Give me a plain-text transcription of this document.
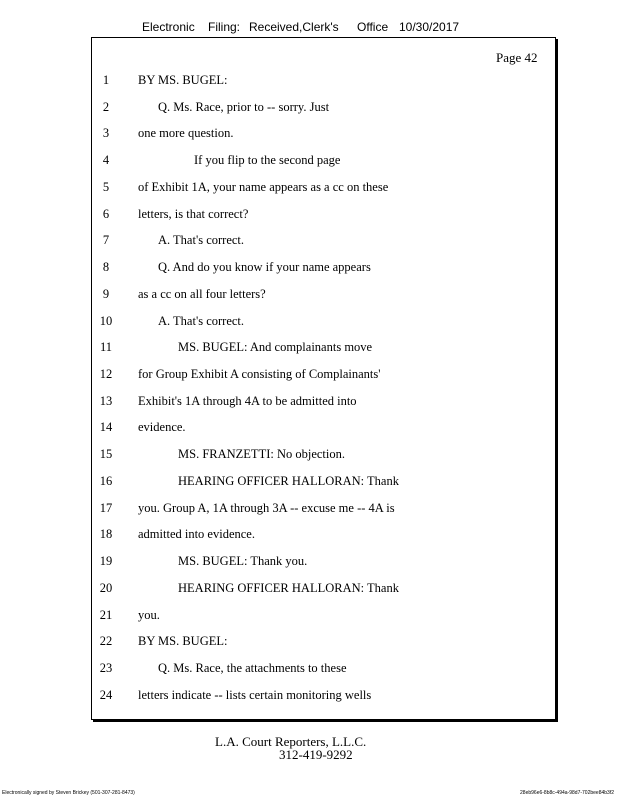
Electronic Filing: Received,Clerk's Office 10/30/2017
Page 42
1	BY MS. BUGEL:
2	Q. Ms. Race, prior to -- sorry. Just
3	one more question.
4	If you flip to the second page
5	of Exhibit 1A, your name appears as a cc on these
6	letters, is that correct?
7	A. That's correct.
8	Q. And do you know if your name appears
9	as a cc on all four letters?
10	A. That's correct.
11	MS. BUGEL: And complainants move
12	for Group Exhibit A consisting of Complainants'
13	Exhibit's 1A through 4A to be admitted into
14	evidence.
15	MS. FRANZETTI: No objection.
16	HEARING OFFICER HALLORAN: Thank
17	you. Group A, 1A through 3A -- excuse me -- 4A is
18	admitted into evidence.
19	MS. BUGEL: Thank you.
20	HEARING OFFICER HALLORAN: Thank
21	you.
22	BY MS. BUGEL:
23	Q. Ms. Race, the attachments to these
24	letters indicate -- lists certain monitoring wells
L.A. Court Reporters, L.L.C.
312-419-9292
Electronically signed by Steven Brickey (501-307-281-8473)	28eb96e6-8b8c-494a-98d7-702bee84b3f2
